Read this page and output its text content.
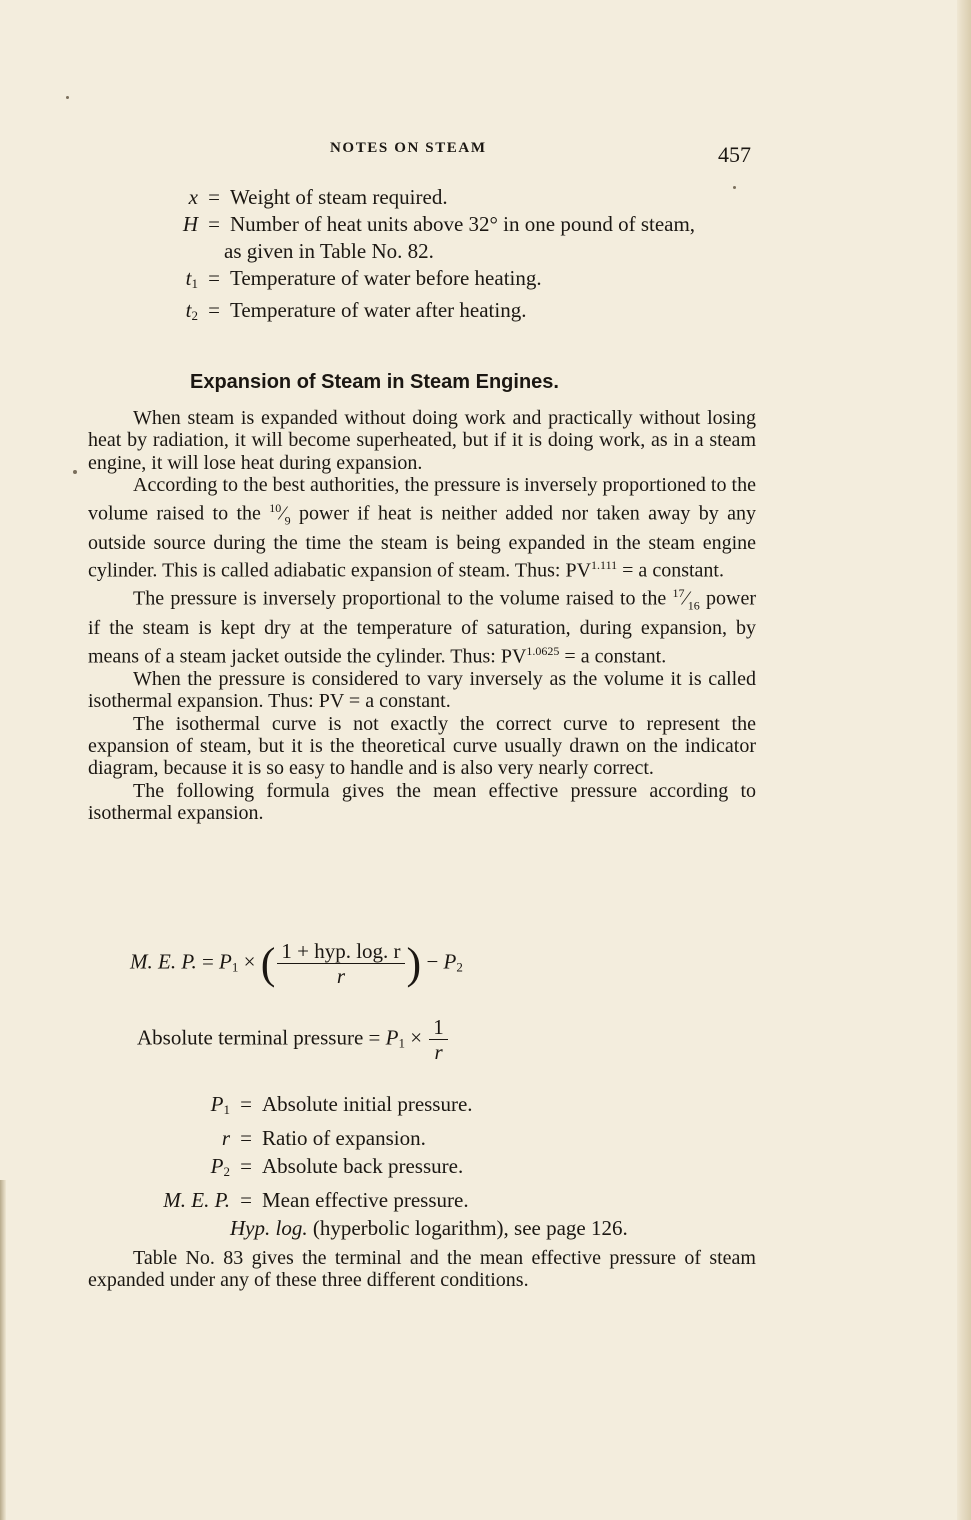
NOTES ON STEAM	457
x = Weight of steam required.
H = Number of heat units above 32° in one pound of steam,
as given in Table No. 82.
$t_1$ = Temperature of water before heating.
$t_2$ = Temperature of water after heating.
Expansion of Steam in Steam Engines.

When steam is expanded without doing work and practically without losing heat by radiation, it will become superheated, but if it is doing work, as in a steam engine, it will lose heat during expansion.

According to the best authorities, the pressure is inversely proportioned to the volume raised to the $^{10}⁄_9$ power if heat is neither added nor taken away by any outside source during the time the steam is being expanded in the steam engine cylinder. This is called adiabatic expansion of steam. Thus: $PV^{1.111} = a$ constant.

The pressure is inversely proportional to the volume raised to the $^{17}⁄_{16}$ power if the steam is kept dry at the temperature of saturation, during expansion, by means of a steam jacket outside the cylinder. Thus: $PV^{1.0625} = a$ constant.

When the pressure is considered to vary inversely as the volume it is called isothermal expansion. Thus: PV = a constant.

The isothermal curve is not exactly the correct curve to represent the expansion of steam, but it is the theoretical curve usually drawn on the indicator diagram, because it is so easy to handle and is also very nearly correct.

The following formula gives the mean effective pressure according to isothermal expansion.

M. E. P. = $P_1$ × ( $\frac{\text{1 + hyp. log. r}}{r}$ ) − $P_2$
Absolute terminal pressure = $P_1 \times \frac{1}{r}$
$P_1$ = Absolute initial pressure.
r = Ratio of expansion.
$P_2$ = Absolute back pressure.
M. E. P. = Mean effective pressure.
Hyp. log. (hyperbolic logarithm), see page 126.

Table No. 83 gives the terminal and the mean effective pressure of steam expanded under any of these three different conditions.
